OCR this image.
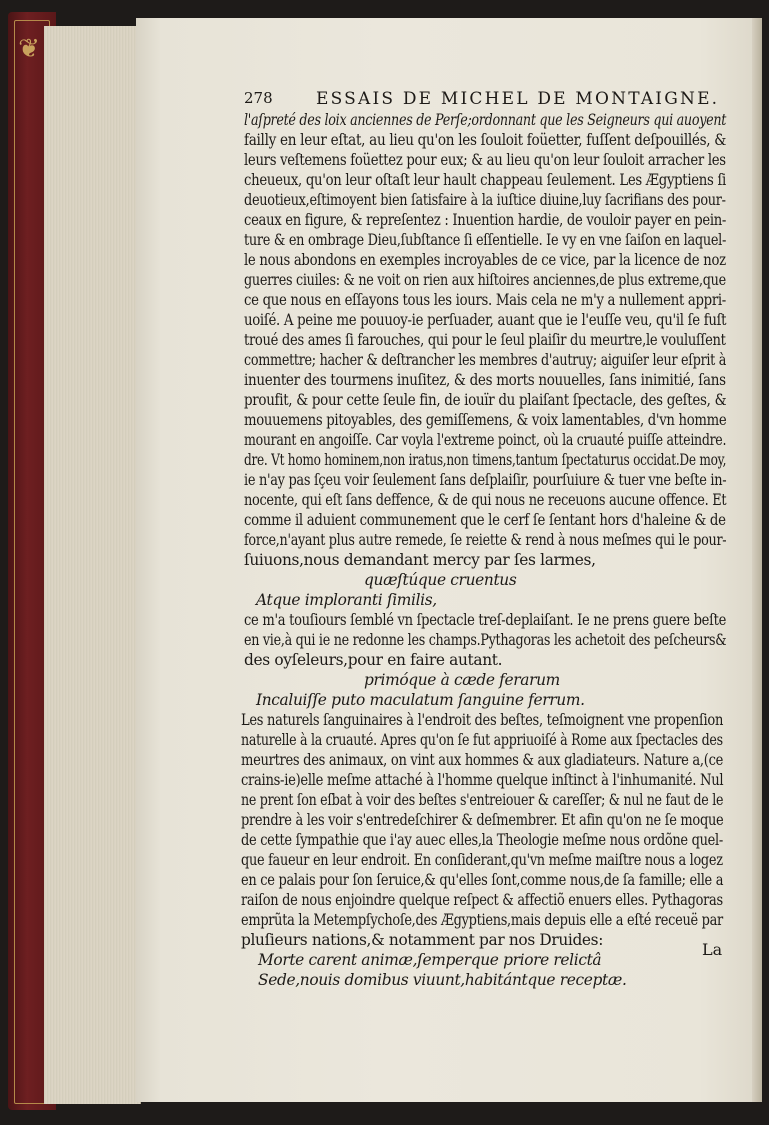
❦
278	ESSAIS DE MICHEL DE MONTAIGNE.
l'aſpreté des loix anciennes de Perſe;ordonnant que les Seigneurs qui auoyent
failly en leur eſtat, au lieu qu'on les ſouloit foüetter, fuſſent deſpouillés, &
leurs veſtemens foüettez pour eux; & au lieu qu'on leur ſouloit arracher les
cheueux, qu'on leur oſtaſt leur hault chappeau ſeulement. Les Ægyptiens ſi
deuotieux,eſtimoyent bien ſatisfaire à la iuſtice diuine,luy ſacrifians des pour-
ceaux en figure, & repreſentez : Inuention hardie, de vouloir payer en pein-
ture & en ombrage Dieu,ſubſtance ſi eſſentielle. Ie vy en vne ſaiſon en laquel-
le nous abondons en exemples incroyables de ce vice, par la licence de noz
guerres ciuiles: & ne voit on rien aux hiſtoires anciennes,de plus extreme,que
ce que nous en eſſayons tous les iours. Mais cela ne m'y a nullement appri-
uoiſé. A peine me pouuoy-ie perſuader, auant que ie l'euſſe veu, qu'il ſe fuſt
troué des ames ſi farouches, qui pour le ſeul plaiſir du meurtre,le vouluſſent
commettre; hacher & deſtrancher les membres d'autruy; aiguiſer leur eſprit à
inuenter des tourmens inuſitez, & des morts nouuelles, ſans inimitié, ſans
proufit, & pour cette ſeule fin, de iouïr du plaiſant ſpectacle, des geſtes, &
mouuemens pitoyables, des gemiſſemens, & voix lamentables, d'vn homme
mourant en angoiſſe. Car voyla l'extreme poinct, où la cruauté puiſſe atteindre.
dre. Vt homo hominem,non iratus,non timens,tantum ſpectaturus occidat.De moy,
ie n'ay pas ſçeu voir ſeulement ſans deſplaiſir, pourſuiure & tuer vne beſte in-
nocente, qui eſt ſans deffence, & de qui nous ne receuons aucune offence. Et
comme il aduient communement que le cerf ſe ſentant hors d'haleine & de
force,n'ayant plus autre remede, ſe reiette & rend à nous meſmes qui le pour-
ſuiuons,nous demandant mercy par ſes larmes,
quæſtúque cruentus
Atque imploranti ſimilis,
ce m'a touſiours ſemblé vn ſpectacle treſ-deplaiſant. Ie ne prens guere beſte
en vie,à qui ie ne redonne les champs.Pythagoras les achetoit des peſcheurs&
des oyſeleurs,pour en faire autant.
primóque à cæde ferarum
Incaluiſſe puto maculatum ſanguine ferrum.
Les naturels ſanguinaires à l'endroit des beſtes, teſmoignent vne propenſion
naturelle à la cruauté. Apres qu'on ſe fut appriuoiſé à Rome aux ſpectacles des
meurtres des animaux, on vint aux hommes & aux gladiateurs. Nature a,(ce
crains-ie)elle meſme attaché à l'homme quelque inſtinct à l'inhumanité. Nul
ne prent ſon eſbat à voir des beſtes s'entreiouer & careſſer; & nul ne faut de le
prendre à les voir s'entredeſchirer & deſmembrer. Et afin qu'on ne ſe moque
de cette ſympathie que i'ay auec elles,la Theologie meſme nous ordõne quel-
que faueur en leur endroit. En conſiderant,qu'vn meſme maiſtre nous a logez
en ce palais pour ſon ſeruice,& qu'elles ſont,comme nous,de ſa famille; elle a
raiſon de nous enjoindre quelque reſpect & affectiõ enuers elles. Pythagoras
emprũta la Metempſychoſe,des Ægyptiens,mais depuis elle a eſté receuë par
pluſieurs nations,& notamment par nos Druides:
Morte carent animæ,ſemperque priore relictâ
Sede,nouis domibus viuunt,habitántque receptæ.
La
